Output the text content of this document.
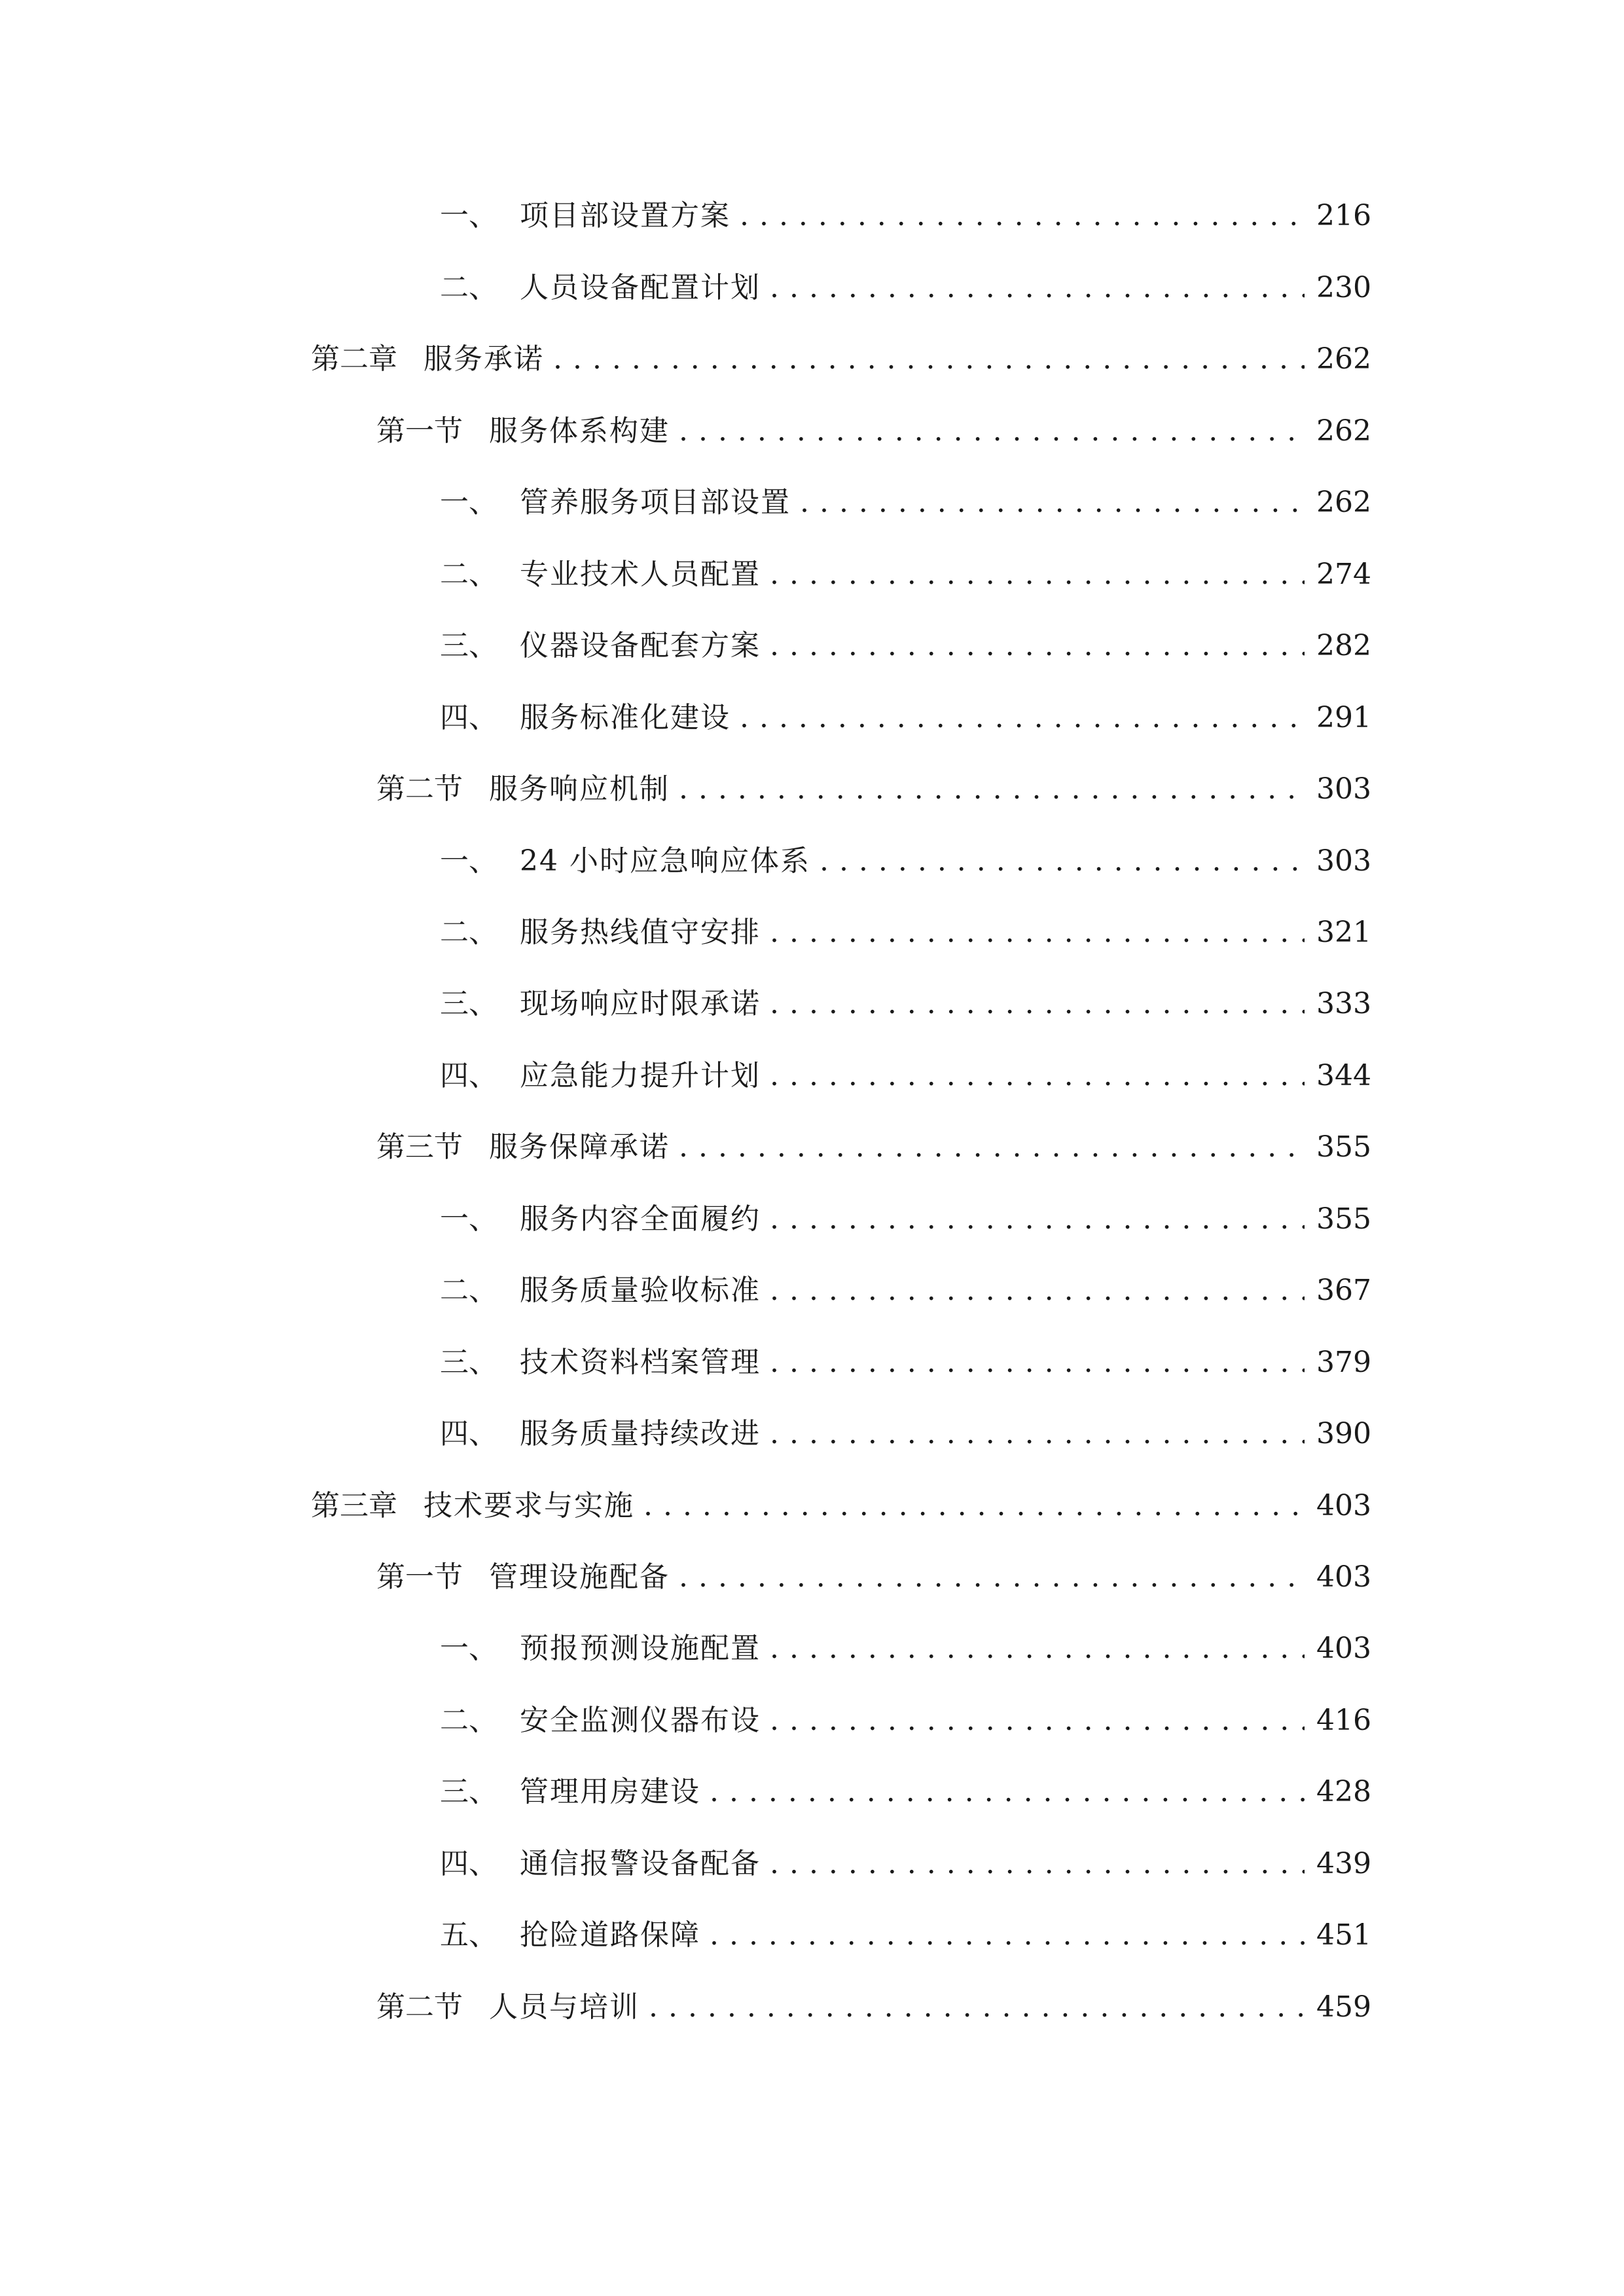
一、 项目部设置方案 . . .	216
二、 人员设备配置计划 . . .	230
第二章 服务承诺 . . .	262
第一节 服务体系构建 . . .	262
一、 管养服务项目部设置 . . .	262
二、 专业技术人员配置 . . .	274
三、 仪器设备配套方案 . . .	282
四、 服务标准化建设 . . .	291
第二节 服务响应机制 . . .	303
一、 24 小时应急响应体系 . . .	303
二、 服务热线值守安排 . . .	321
三、 现场响应时限承诺 . . .	333
四、 应急能力提升计划 . . .	344
第三节 服务保障承诺 . . .	355
一、 服务内容全面履约 . . .	355
二、 服务质量验收标准 . . .	367
三、 技术资料档案管理 . . .	379
四、 服务质量持续改进 . . .	390
第三章 技术要求与实施 . . .	403
第一节 管理设施配备 . . .	403
一、 预报预测设施配置 . . .	403
二、 安全监测仪器布设 . . .	416
三、 管理用房建设 . . .	428
四、 通信报警设备配备 . . .	439
五、 抢险道路保障 . . .	451
第二节 人员与培训 . . .	459
